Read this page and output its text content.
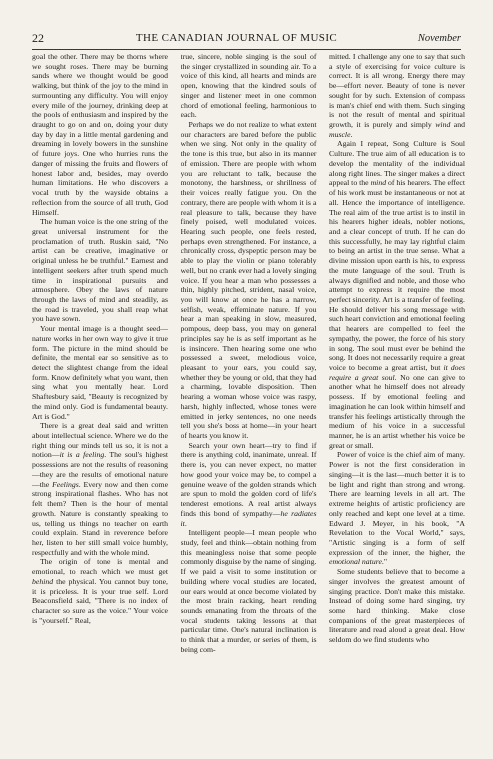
22	THE CANADIAN JOURNAL OF MUSIC	November

goal the other. There may be thorns where we sought roses. There may be burning sands where we thought would be good walking, but think of the joy to the mind in surmounting any difficulty. You will enjoy every mile of the journey, drinking deep at the pools of enthusiasm and inspired by the draught to go on and on, doing your duty day by day in a little mental gardening and dreaming in lovely bowers in the sunshine of future joys. One who hurries runs the danger of missing the fruits and flowers of honest labor and, besides, may overdo human limitations. He who discovers a vocal truth by the wayside obtains a reflection from the source of all truth, God Himself.

The human voice is the one string of the great universal instrument for the proclamation of truth. Ruskin said, "No artist can be creative, imaginative or original unless he be truthful." Earnest and intelligent seekers after truth spend much time in inspirational pursuits and atmosphere. Obey the laws of nature through the laws of mind and steadily, as the road is traveled, you shall reap what you have sown.

Your mental image is a thought seed—nature works in her own way to give it true form. The picture in the mind should be definite, the mental ear so sensitive as to detect the slightest change from the ideal form. Know definitely what you want, then sing what you mentally hear. Lord Shaftesbury said, "Beauty is recognized by the mind only. God is fundamental beauty. Art is God."

There is a great deal said and written about intellectual science. Where we do the right thing our minds tell us so, it is not a notion—it is a feeling. The soul's highest possessions are not the results of reasoning—they are the results of emotional nature—the Feelings. Every now and then come strong inspirational flashes. Who has not felt them? Then is the hour of mental growth. Nature is constantly speaking to us, telling us things no teacher on earth could explain. Stand in reverence before her, listen to her still small voice humbly, respectfully and with the whole mind.

The origin of tone is mental and emotional, to reach which we must get behind the physical. You cannot buy tone, it is priceless. It is your true self. Lord Beaconsfield said, "There is no index of character so sure as the voice." Your voice is "yourself." Real,

true, sincere, noble singing is the soul of the singer crystallized in sounding air. To a voice of this kind, all hearts and minds are open, knowing that the kindred souls of singer and listener meet in one common chord of emotional feeling, harmonious to each.

Perhaps we do not realize to what extent our characters are bared before the public when we sing. Not only in the quality of the tone is this true, but also in its manner of emission. There are people with whom you are reluctant to talk, because the monotony, the harshness, or shrillness of their voices really fatigue you. On the contrary, there are people with whom it is a real pleasure to talk, because they have finely poised, well modulated voices. Hearing such people, one feels rested, perhaps even strengthened. For instance, a chronically cross, dyspeptic person may be able to play the violin or piano tolerably well, but no crank ever had a lovely singing voice. If you hear a man who possesses a thin, highly pitched, strident, nasal voice, you will know at once he has a narrow, selfish, weak, effeminate nature. If you hear a man speaking in slow, measured, pompous, deep bass, you may on general principles say he is as self important as he is insincere. Then hearing some one who possessed a sweet, melodious voice, pleasant to your ears, you could say, whether they be young or old, that they had a charming, lovable disposition. Then hearing a woman whose voice was raspy, harsh, highly inflected, whose tones were emitted in jerky sentences, no one needs tell you she's boss at home—in your heart of hearts you know it.

Search your own heart—try to find if there is anything cold, inanimate, unreal. If there is, you can never expect, no matter how good your voice may be, to compel a genuine weave of the golden strands which are spun to mold the golden cord of life's tenderest emotions. A real artist always finds this bond of sympathy—he radiates it.

Intelligent people—I mean people who study, feel and think—obtain nothing from this meaningless noise that some people commonly disguise by the name of singing. If we paid a visit to some institution or building where vocal studies are located, our ears would at once become violated by the most brain racking, heart rending sounds emanating from the throats of the vocal students taking lessons at that particular time. One's natural inclination is to think that a murder, or series of them, is being com-

mitted. I challenge any one to say that such a style of exercising for voice culture is correct. It is all wrong. Energy there may be—effort never. Beauty of tone is never sought for by such. Extension of compass is man's chief end with them. Such singing is not the result of mental and spiritual growth, it is purely and simply wind and muscle.

Again I repeat, Song Culture is Soul Culture. The true aim of all education is to develop the mentality of the individual along right lines. The singer makes a direct appeal to the mind of his hearers. The effect of his work must be instantaneous or not at all. Hence the importance of intelligence. The real aim of the true artist is to instil in his hearers higher ideals, nobler notions, and a clear concept of truth. If he can do this successfully, he may lay rightful claim to being an artist in the true sense. What a divine mission upon earth is his, to express the mute language of the soul. Truth is always dignified and noble, and those who attempt to express it require the most perfect sincerity. Art is a transfer of feeling. He should deliver his song message with such heart conviction and emotional feeling that hearers are compelled to feel the sympathy, the power, the force of his story in song. The soul must ever be behind the song. It does not necessarily require a great voice to become a great artist, but it does require a great soul. No one can give to another what he himself does not already possess. If by emotional feeling and imagination he can look within himself and transfer his feelings artistically through the medium of his voice in a successful manner, he is an artist whether his voice be great or small.

Power of voice is the chief aim of many. Power is not the first consideration in singing—it is the last—much better it is to be light and right than strong and wrong. There are learning levels in all art. The extreme heights of artistic proficiency are only reached and kept one level at a time. Edward J. Meyer, in his book, "A Revelation to the Vocal World," says, "Artistic singing is a form of self expression of the inner, the higher, the emotional nature."

Some students believe that to become a singer involves the greatest amount of singing practice. Don't make this mistake. Instead of doing some hard singing, try some hard thinking. Make close companions of the great masterpieces of literature and read aloud a great deal. How seldom do we find students who
